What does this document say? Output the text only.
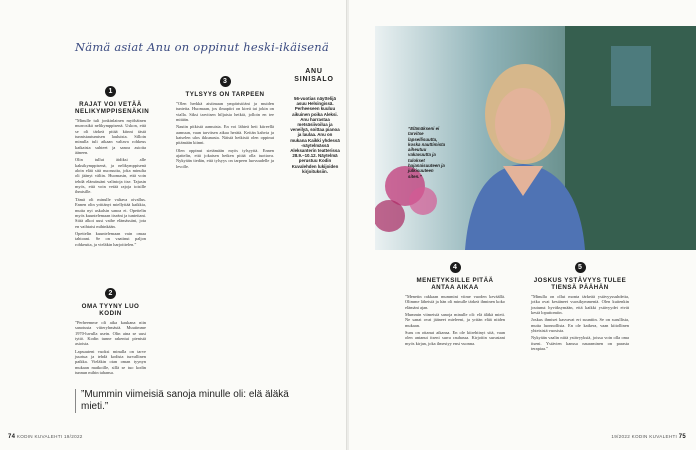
Nämä asiat Anu on oppinut heski-ikäisenä
1
RAJAT VOI VETÄÄ NELIKYMPPISENÄKIN

”Minulle tuli jonkinlainen myöhäinen murrosikä nelikymppisenä. Uskon, että se oli tärkeä pitää kiinni tästä tunnistautumisen lauluista. Silloin minulla tuli aikaan valtava rohkeus katkaista suhteet ja sanoa asioita ääneen.

Olin tullut äidiksi alle kaksikymppisenä, ja nelikymppisenä aloin elää sitä nuoruutta, joka minulta oli jäänyt väliin. Huomasin, että voin tehdä elämässäni valintoja itse. Tajusin myös, että voin vetää rajoja toisille ihmisille.

Tämä oli minulle valtava oivallus. Ennen olin yrittänyt miellyttää kaikkia, mutta nyt uskalsin sanoa ei. Opettelin myös kuuntelemaan itseäni ja tunteitani. Siitä alkoi uusi vaihe elämässäni, jota en vaihtaisi mihinkään.

Opettelin kuuntelemaan vain omaa tahtoani. Se on vaatinut paljon rohkeutta, ja vieläkin harjoittelen.”

2
OMA TYYNY LUO KODIN

”Perheemme oli aika kaukana niin sanotusta viiteryhmästä. Muutimme 1970-luvulla usein. Olin aina se uusi tyttö. Kodin tunne rakentui pienistä asioista.

Lapsuuteni vuoksi minulla on tarve juurtua ja tehdä kodista turvallinen paikka. Vieläkin otan oman tyynyn mukaan matkoille, sillä se tuo kodin tunnun mihin tahansa.

3
TYLSYYS ON TARPEEN

”Olen herkkä aistimaan ympäristöäni ja muiden tunteita. Huomaan, jos ilmapiiri on kireä tai jokin on vialla. Siksi tarvitsen hiljaisia hetkiä, jolloin en tee mitään.

Nautin pitkistä aamuista. En voi lähteä heti kiireellä aamuun, vaan tarvitsen aikaa herätä. Keitän kahvia ja katselen ulos ikkunasta. Näistä hetkistä olen oppinut pitämään kiinni.

Olen oppinut sietämään myös tylsyyttä. Ennen ajattelin, että jokaisen hetken pitää olla tuottava. Nykyään tiedän, että tylsyys on tarpeen luovuudelle ja levolle.

ANU SINISALO
56-vuotias näyttelijä asuu Helsingissä. Perheeseen kuuluu aikuinen poika Aleksi. Anu harrastaa metsäsiivoilua ja veneilyä, soittaa pianoa ja laulaa. Anu on mukana Kaikki yhdessä -näytelmässä Aleksanterin teatterissa 28.9.–10.12. Näytelmä perustuu Kodin Kuvalehden lukijoiden kirjoituksiin.
”Mummin viimeisiä sanoja minulle oli: elä äläkä mieti.”
74 KODIN KUVALEHTI 19/2022
”Elämäkseni ei tarvitse lapsellisuutta, koska nauttimista aiheutuu vakavuutta ja tulokset hajanaisuuteen ja julkisuuteen siten.”
4
MENETYKSILLE PITÄÄ ANTAA AIKAA

”Menetin rakkaan mummini viime vuoden keväällä. Olimme läheisiä ja hän oli minulle tärkeä ihminen koko elämäni ajan.

Mummin viimeisiä sanoja minulle oli: elä äläkä mieti. Ne sanat ovat jääneet mieleeni, ja yritän elää niiden mukaan.

Suru on ottanut aikansa. En ole kiirehtinyt sitä, vaan olen antanut itseni surra rauhassa. Kirjoitin surustani myös kirjan, joka ilmestyy ensi vuonna.

5
JOSKUS YSTÄVYYS TULEE TIENSÄ PÄÄHÄN

”Minulla on ollut monta tärkeää ystävyyssuhdetta, jotka ovat kestäneet vuosikymmeniä. Olen kuitenkin joutunut hyväksymään, että kaikki ystävyydet eivät kestä loputtomiin.

Joskus ihmiset kasvavat eri suuntiin. Se on surullista, mutta luonnollista. En ole katkera, vaan kiitollinen yhteisistä vuosista.

Nykyään vaalin niitä ystävyyksiä, joissa voin olla oma itseni. Ystävien kanssa nauraminen on parasta terapiaa.”

19/2022 KODIN KUVALEHTI 75
